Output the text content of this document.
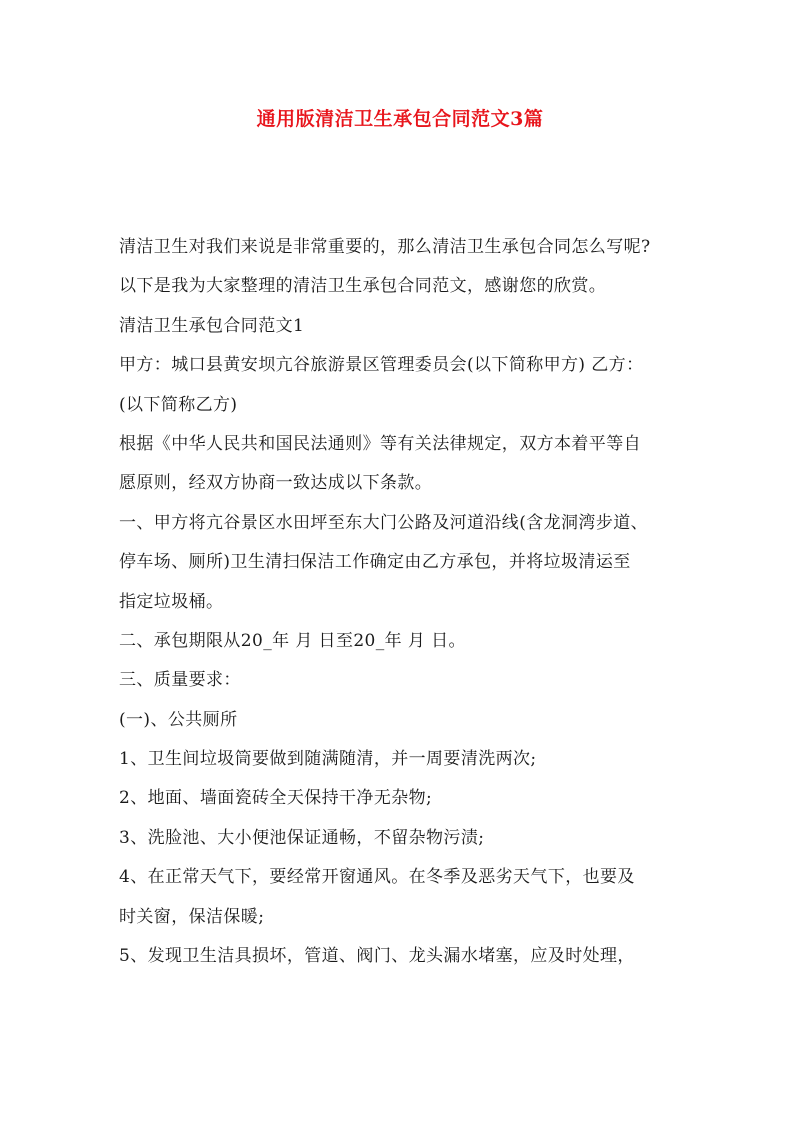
通用版清洁卫生承包合同范文3篇
清洁卫生对我们来说是非常重要的，那么清洁卫生承包合同怎么写呢?
以下是我为大家整理的清洁卫生承包合同范文，感谢您的欣赏。
清洁卫生承包合同范文1
甲方：城口县黄安坝亢谷旅游景区管理委员会(以下简称甲方) 乙方：
(以下简称乙方)
根据《中华人民共和国民法通则》等有关法律规定，双方本着平等自
愿原则，经双方协商一致达成以下条款。
一、甲方将亢谷景区水田坪至东大门公路及河道沿线(含龙洞湾步道、
停车场、厕所)卫生清扫保洁工作确定由乙方承包，并将垃圾清运至
指定垃圾桶。
二、承包期限从20_年 月 日至20_年 月 日。
三、质量要求：
(一)、公共厕所
1、卫生间垃圾筒要做到随满随清，并一周要清洗两次;
2、地面、墙面瓷砖全天保持干净无杂物;
3、洗脸池、大小便池保证通畅，不留杂物污渍;
4、在正常天气下，要经常开窗通风。在冬季及恶劣天气下，也要及
时关窗，保洁保暖;
5、发现卫生洁具损坏，管道、阀门、龙头漏水堵塞，应及时处理，
